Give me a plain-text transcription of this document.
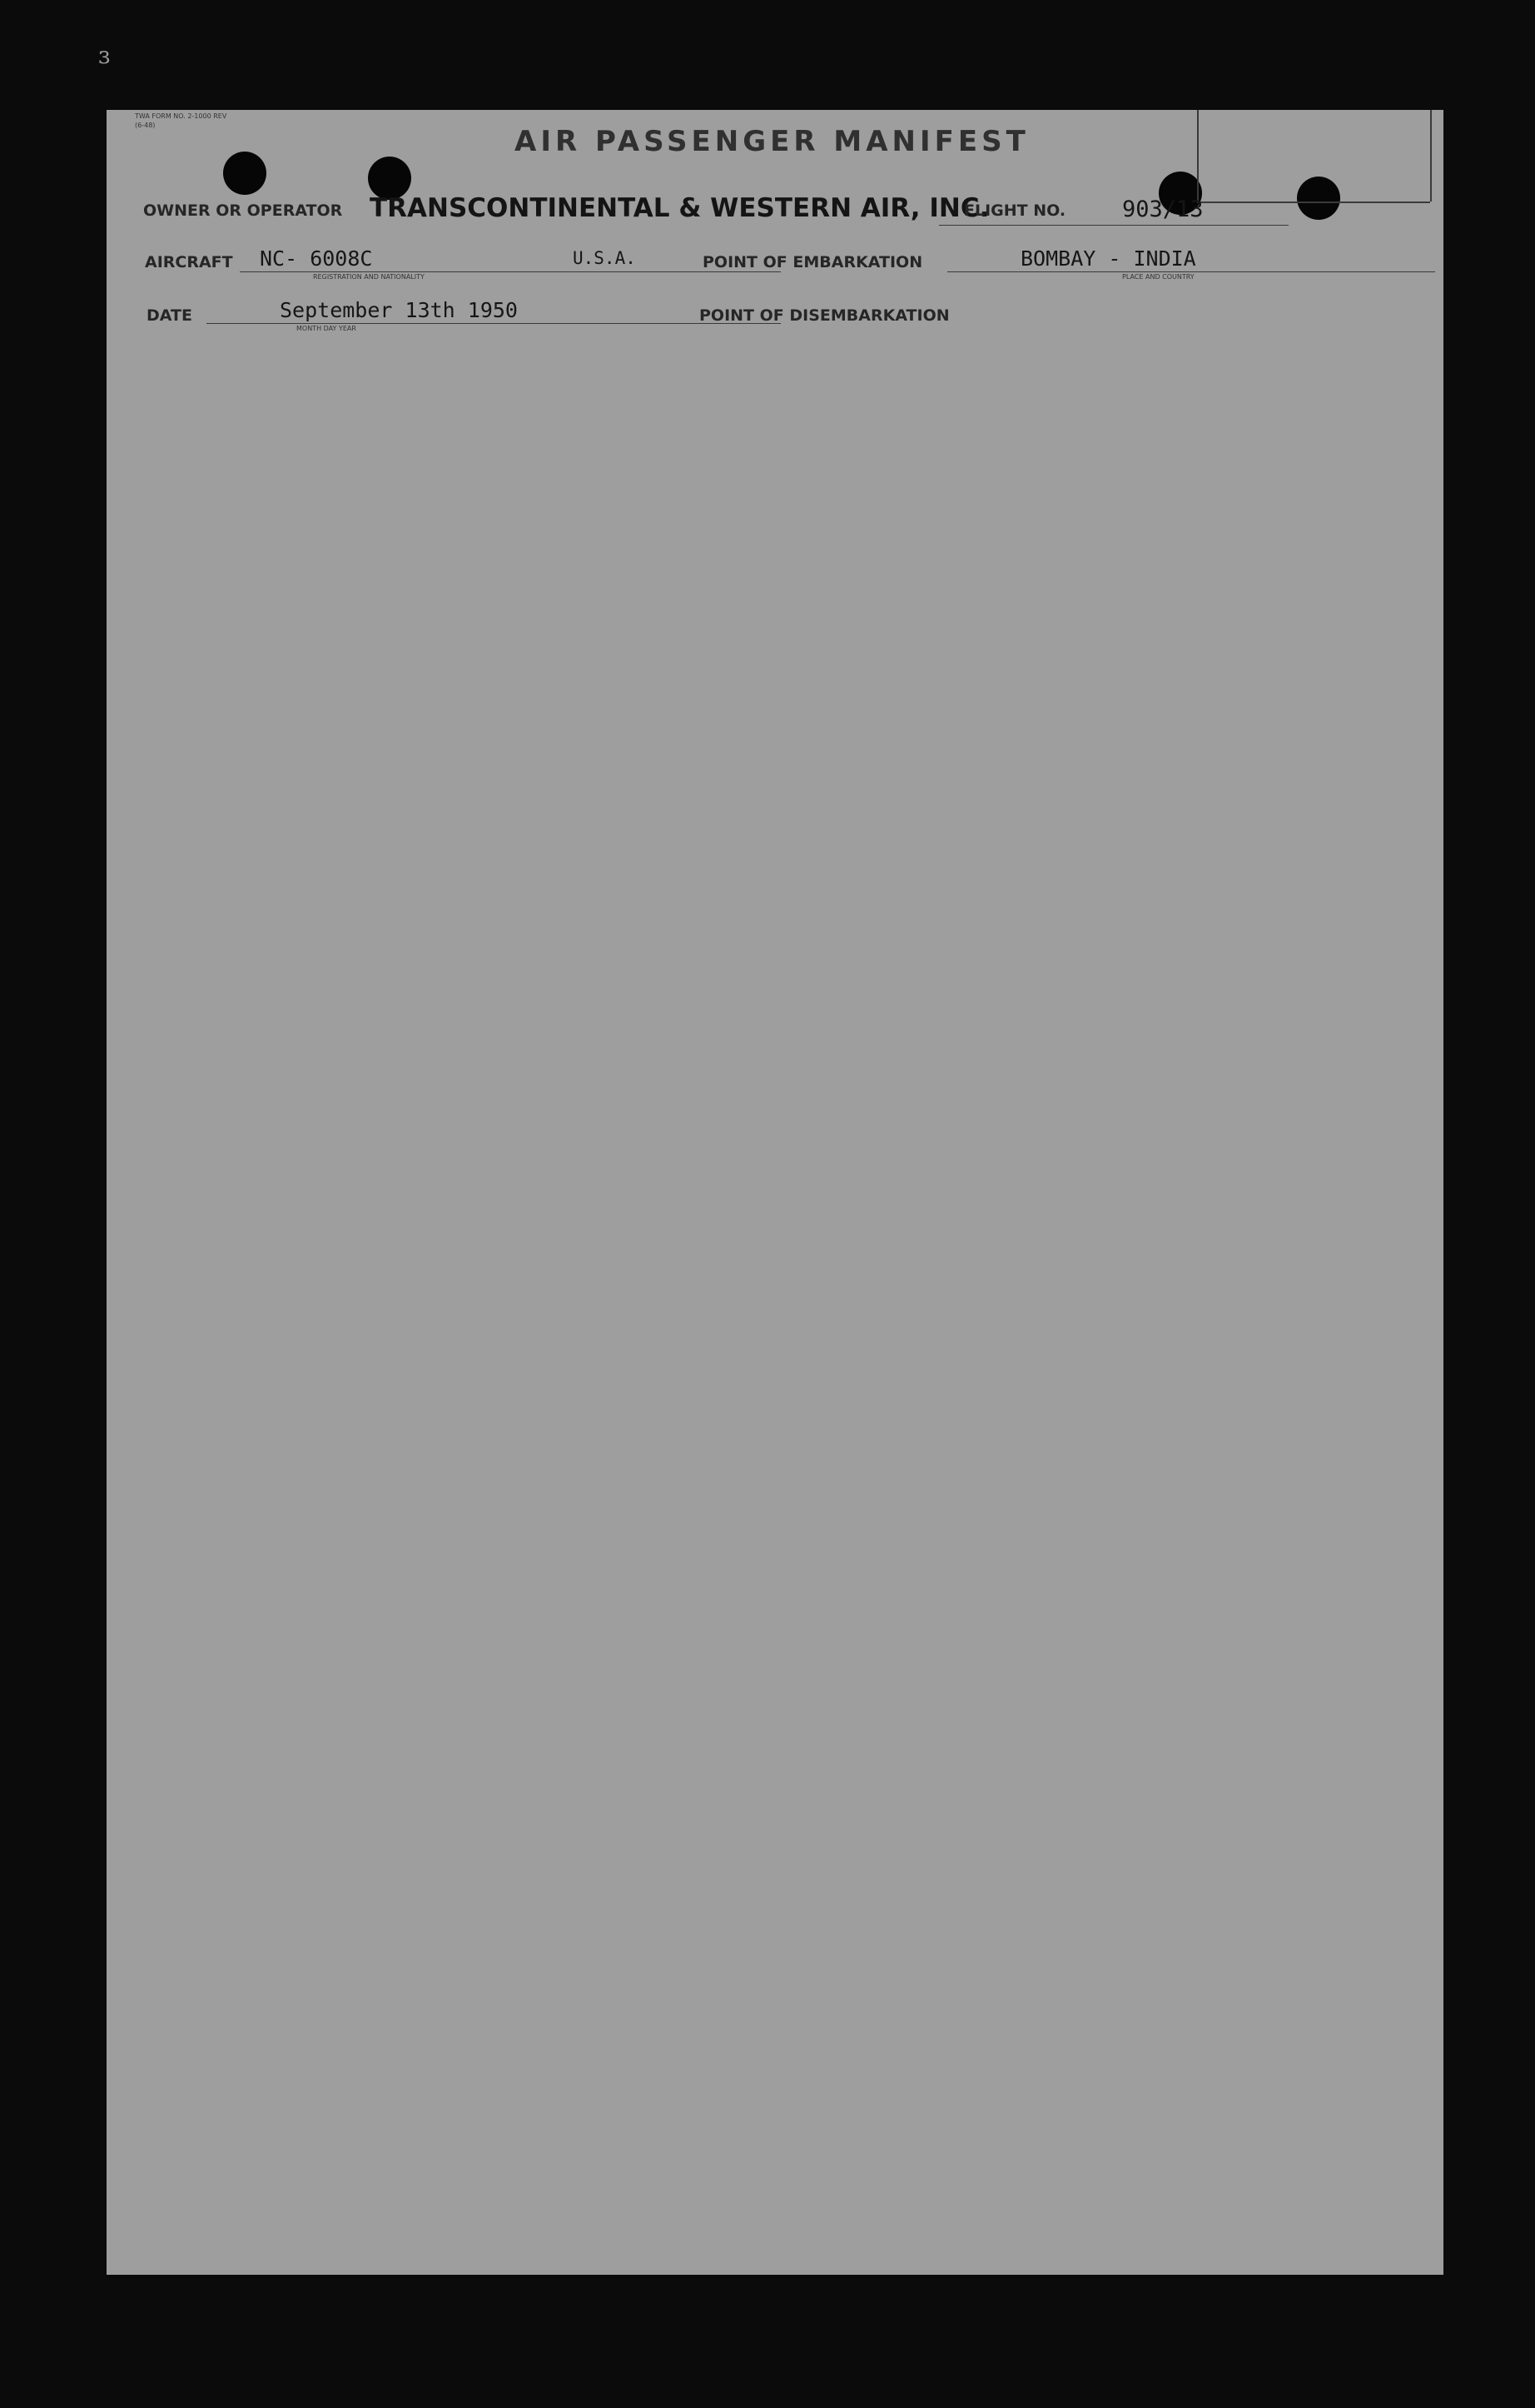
ɜ
TWA FORM NO. 2-1000 REV
(6-48)	AIR PASSENGER MANIFEST
OWNER OR OPERATOR TRANSCONTINENTAL & WESTERN AIR, INC.
FLIGHT NO.	903/13
AIRCRAFT NC- 6008C	U.S.A.
REGISTRATION AND NATIONALITY
POINT OF EMBARKATION	BOMBAY - INDIA
PLACE AND COUNTRY
DATE	September 13th 1950
MONTH DAY YEAR
POINT OF DISEMBARKATION
